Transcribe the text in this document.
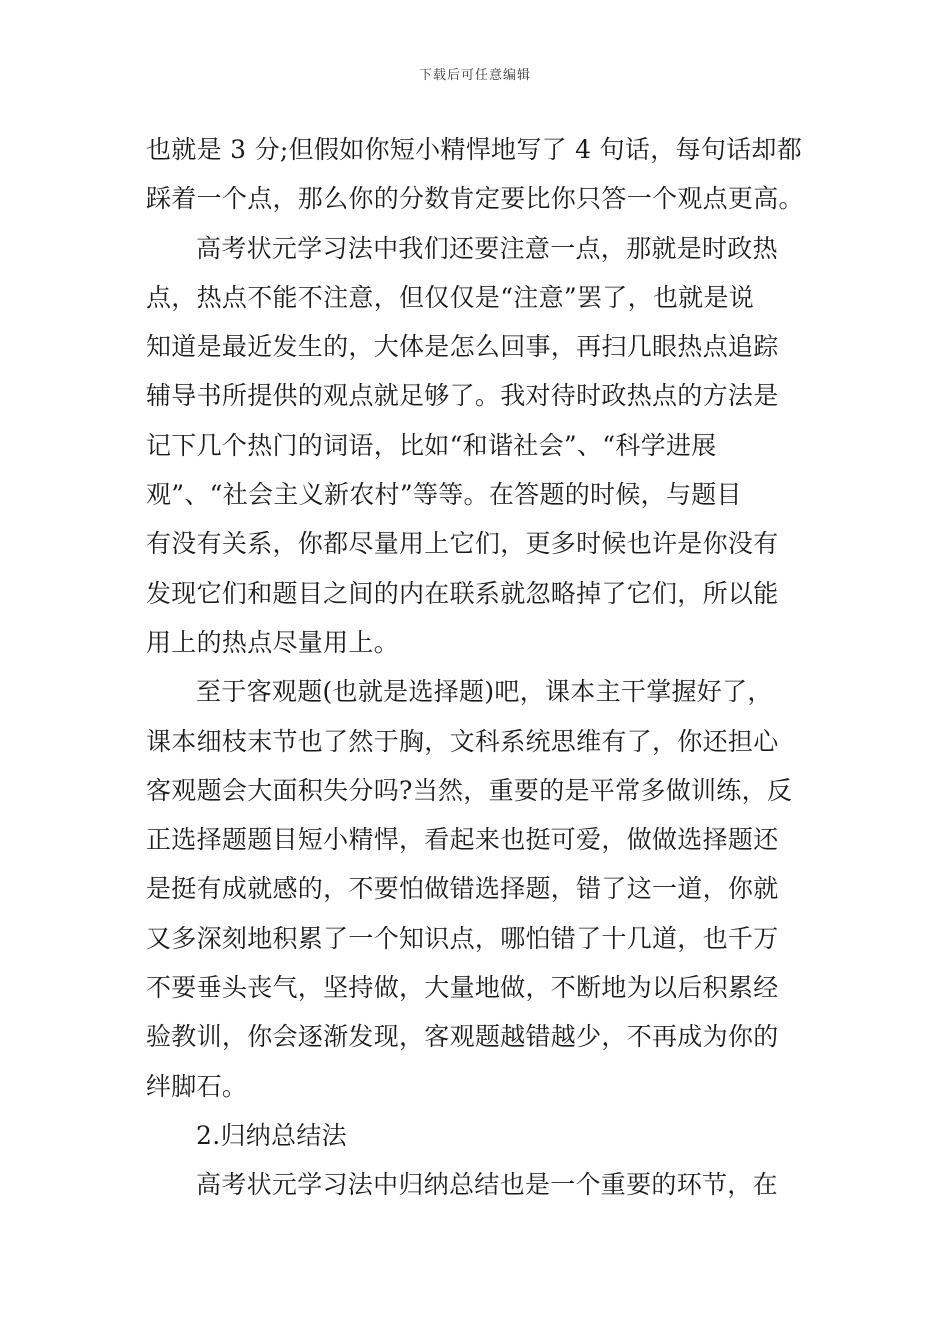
下载后可任意编辑
也就是 3 分;但假如你短小精悍地写了 4 句话，每句话却都
踩着一个点，那么你的分数肯定要比你只答一个观点更高。
高考状元学习法中我们还要注意一点，那就是时政热
点，热点不能不注意，但仅仅是“注意”罢了，也就是说
知道是最近发生的，大体是怎么回事，再扫几眼热点追踪
辅导书所提供的观点就足够了。我对待时政热点的方法是
记下几个热门的词语，比如“和谐社会”、“科学进展
观”、“社会主义新农村”等等。在答题的时候，与题目
有没有关系，你都尽量用上它们，更多时候也许是你没有
发现它们和题目之间的内在联系就忽略掉了它们，所以能
用上的热点尽量用上。
至于客观题(也就是选择题)吧，课本主干掌握好了，
课本细枝末节也了然于胸，文科系统思维有了，你还担心
客观题会大面积失分吗?当然，重要的是平常多做训练，反
正选择题题目短小精悍，看起来也挺可爱，做做选择题还
是挺有成就感的，不要怕做错选择题，错了这一道，你就
又多深刻地积累了一个知识点，哪怕错了十几道，也千万
不要垂头丧气，坚持做，大量地做，不断地为以后积累经
验教训，你会逐渐发现，客观题越错越少，不再成为你的
绊脚石。
2.归纳总结法
高考状元学习法中归纳总结也是一个重要的环节，在
